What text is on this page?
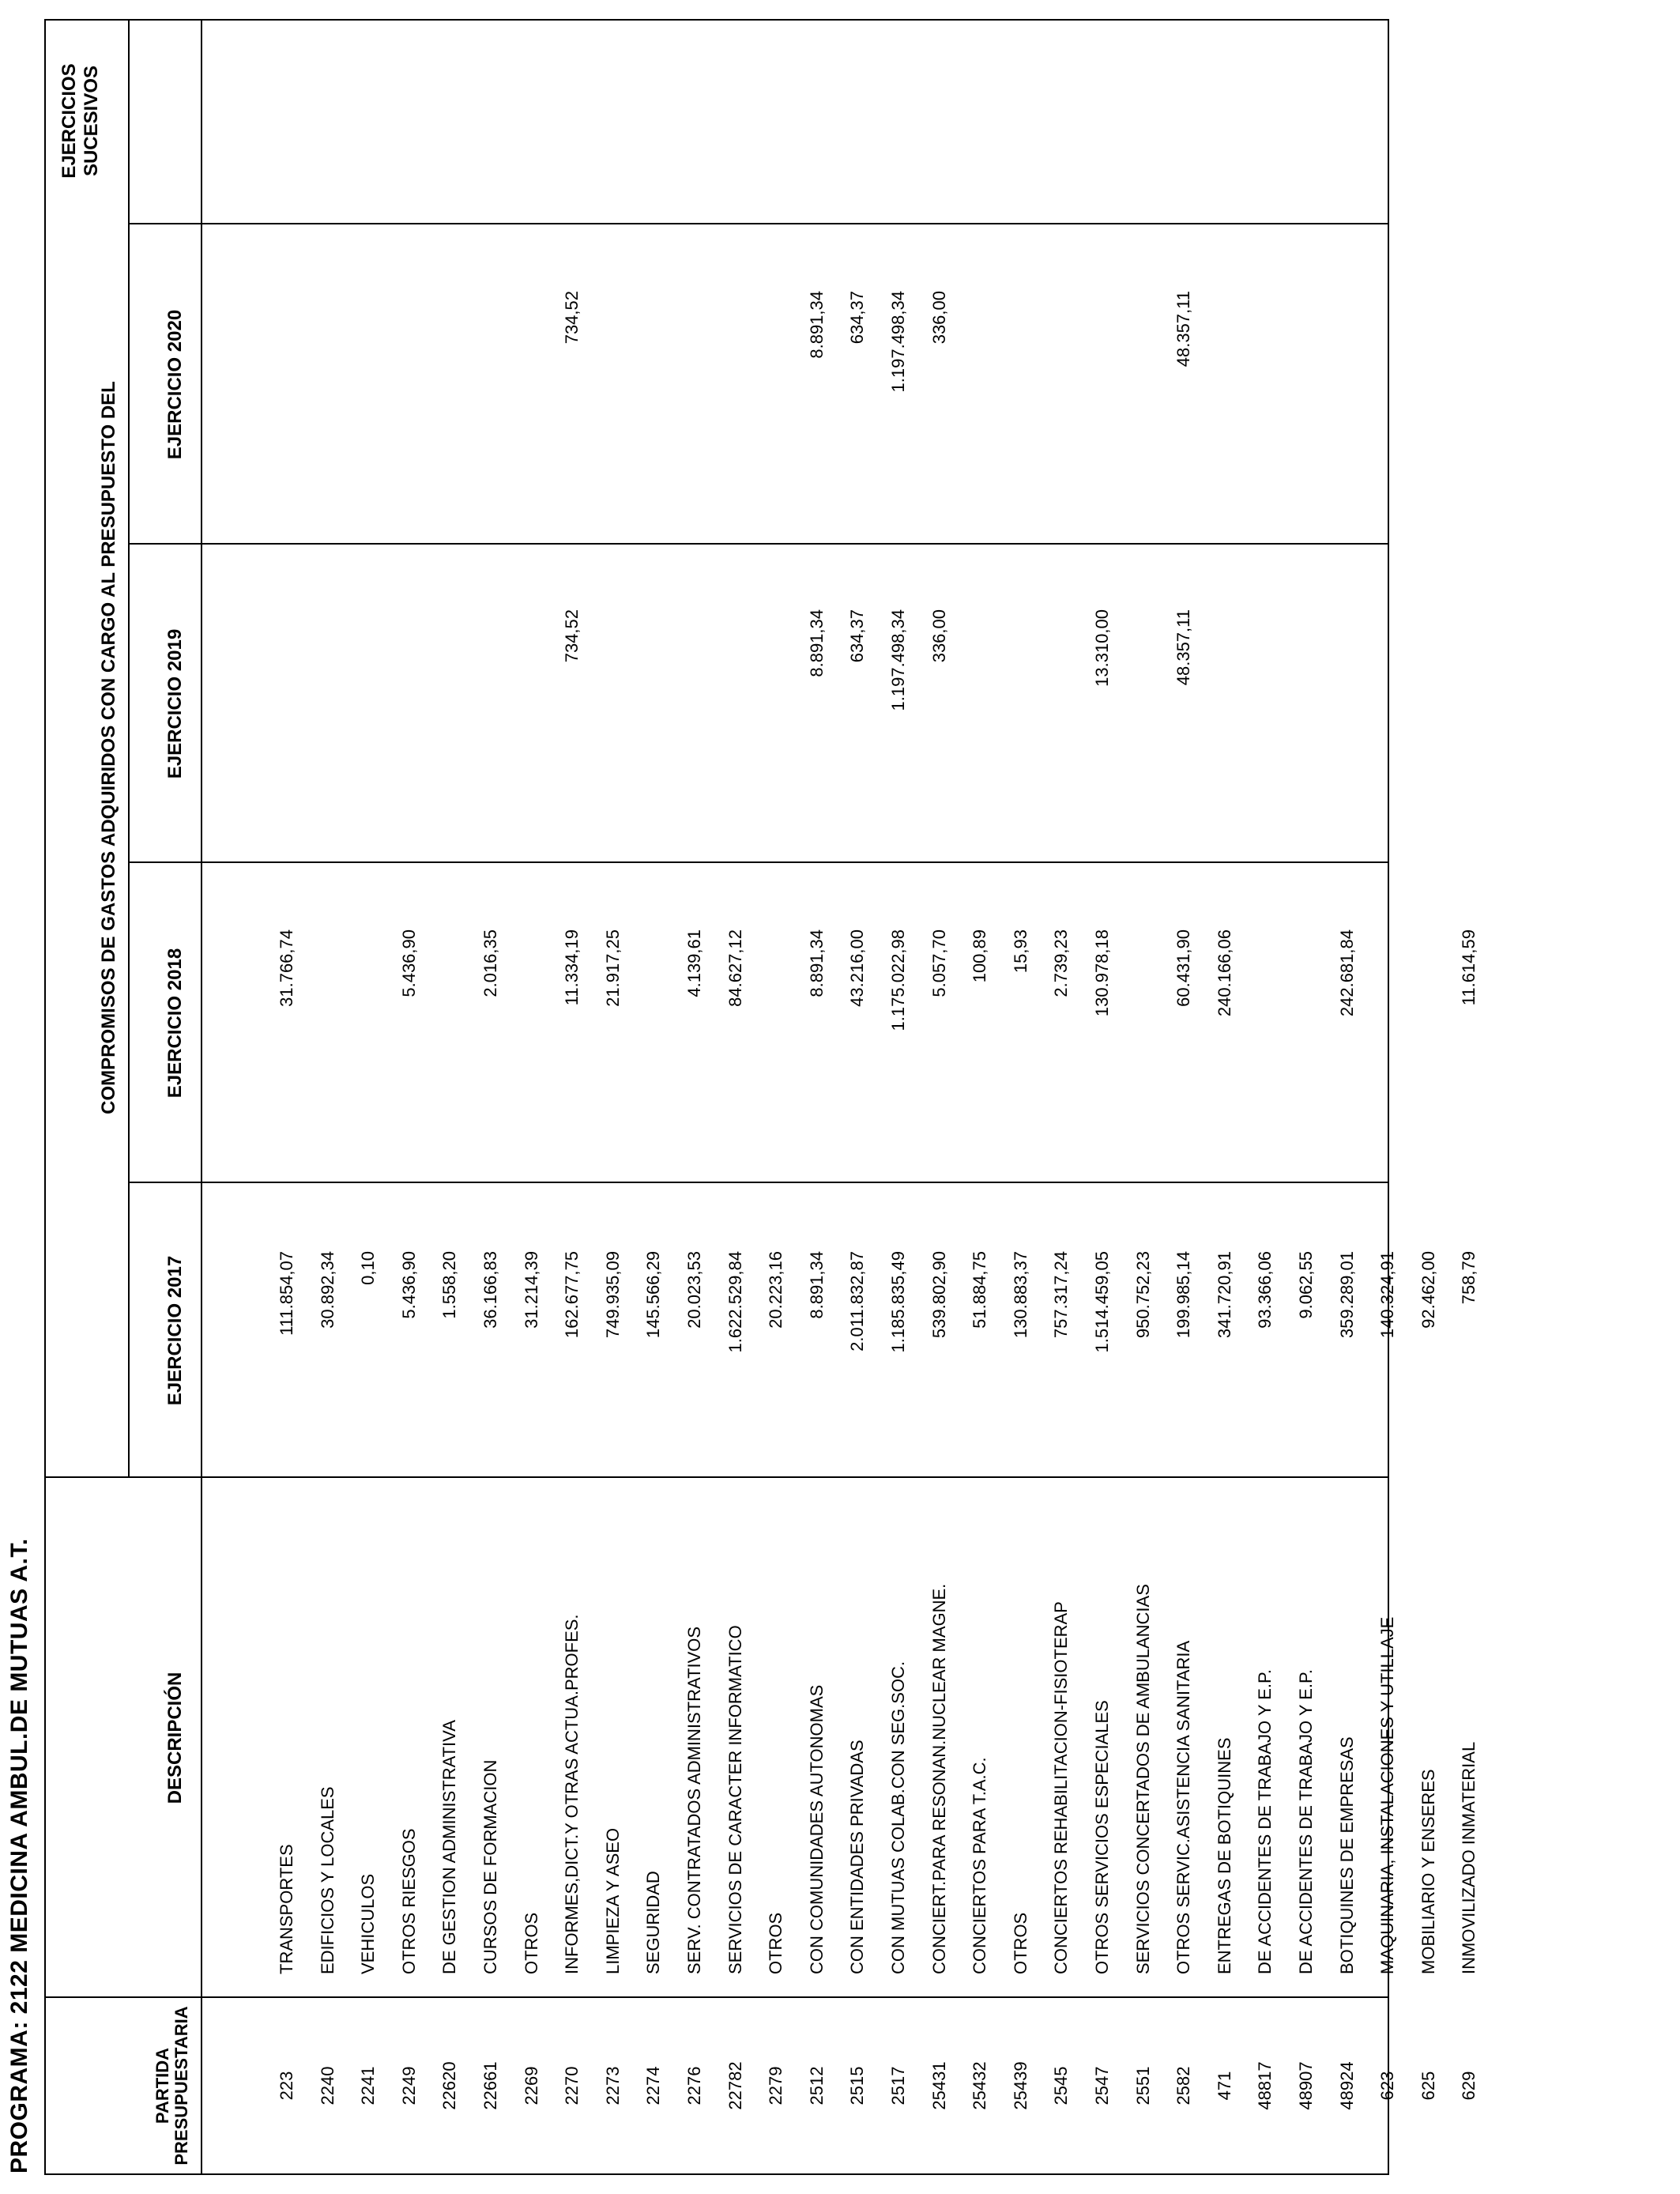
PROGRAMA: 2122 MEDICINA AMBUL.DE MUTUAS A.T.	PARTIDA PRESUPUESTARIA
DESCRIPCIÓN
COMPROMISOS DE GASTOS ADQUIRIDOS CON CARGO AL PRESUPUESTO DEL
EJERCICIO 2017
EJERCICIO 2018
EJERCICIO 2019
EJERCICIO 2020
EJERCICIOS SUCESIVOS
223
TRANSPORTES
111.854,07
31.766,74
2240
EDIFICIOS Y LOCALES
30.892,34
2241
VEHICULOS
0,10
2249
OTROS RIESGOS
5.436,90
5.436,90
22620
DE GESTION ADMINISTRATIVA
1.558,20
22661
CURSOS DE FORMACION
36.166,83
2.016,35
2269
OTROS
31.214,39
2270
INFORMES,DICT.Y OTRAS ACTUA.PROFES.
162.677,75
11.334,19
734,52
734,52
2273
LIMPIEZA Y ASEO
749.935,09
21.917,25
2274
SEGURIDAD
145.566,29
2276
SERV. CONTRATADOS ADMINISTRATIVOS
20.023,53
4.139,61
22782
SERVICIOS DE CARACTER INFORMATICO
1.622.529,84
84.627,12
2279
OTROS
20.223,16
2512
CON COMUNIDADES AUTONOMAS
8.891,34
8.891,34
8.891,34
8.891,34
2515
CON ENTIDADES PRIVADAS
2.011.832,87
43.216,00
634,37
634,37
2517
CON MUTUAS COLAB.CON SEG.SOC.
1.185.835,49
1.175.022,98
1.197.498,34
1.197.498,34
25431
CONCIERT.PARA RESONAN.NUCLEAR MAGNE.
539.802,90
5.057,70
336,00
336,00
25432
CONCIERTOS PARA T.A.C.
51.884,75
100,89
25439
OTROS
130.883,37
15,93
2545
CONCIERTOS REHABILITACION-FISIOTERAP
757.317,24
2.739,23
2547
OTROS SERVICIOS ESPECIALES
1.514.459,05
130.978,18
13.310,00
2551
SERVICIOS CONCERTADOS DE AMBULANCIAS
950.752,23
2582
OTROS SERVIC.ASISTENCIA SANITARIA
199.985,14
60.431,90
48.357,11
48.357,11
471
ENTREGAS DE BOTIQUINES
341.720,91
240.166,06
48817
DE ACCIDENTES DE TRABAJO Y E.P.
93.366,06
48907
DE ACCIDENTES DE TRABAJO Y E.P.
9.062,55
48924
BOTIQUINES DE EMPRESAS
359.289,01
242.681,84
623
MAQUINARIA, INSTALACIONES Y UTILLAJE
140.324,91
625
MOBILIARIO Y ENSERES
92.462,00
629
INMOVILIZADO INMATERIAL
758,79
11.614,59
